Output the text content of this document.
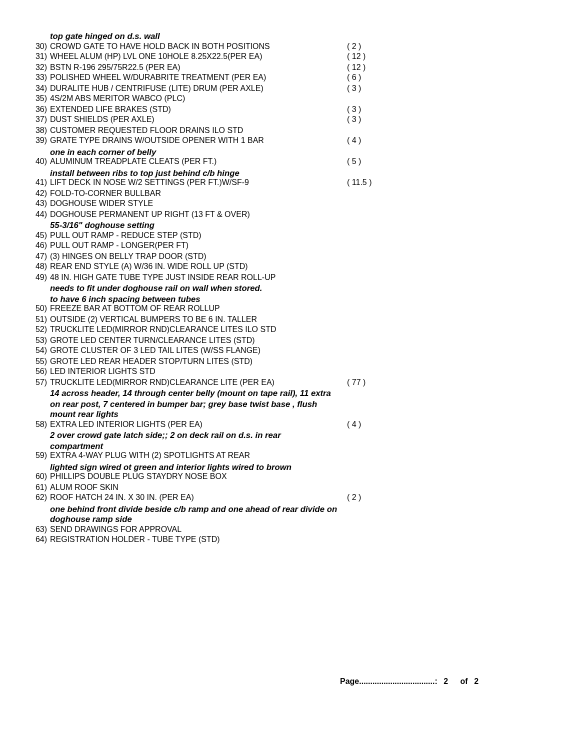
top gate hinged on d.s. wall
30) CROWD GATE TO HAVE HOLD BACK IN BOTH POSITIONS	( 2 )
31) WHEEL ALUM (HP) LVL ONE 10HOLE 8.25X22.5(PER EA)	( 12 )
32) BSTN R-196 295/75R22.5 (PER EA)	( 12 )
33) POLISHED WHEEL W/DURABRITE TREATMENT (PER EA)	( 6 )
34) DURALITE HUB / CENTRIFUSE (LITE) DRUM (PER AXLE)	( 3 )
35) 4S/2M ABS MERITOR WABCO (PLC)
36) EXTENDED LIFE BRAKES (STD)	( 3 )
37) DUST SHIELDS (PER AXLE)	( 3 )
38) CUSTOMER REQUESTED FLOOR DRAINS ILO STD
39) GRATE TYPE DRAINS W/OUTSIDE OPENER WITH 1 BAR	( 4 )
one in each corner of belly
40) ALUMINUM TREADPLATE CLEATS (PER FT.)	( 5 )
install between ribs to top just behind c/b hinge
41) LIFT DECK IN NOSE W/2 SETTINGS (PER FT.)W/SF-9	( 11.5 )
42) FOLD-TO-CORNER BULLBAR
43) DOGHOUSE WIDER STYLE
44) DOGHOUSE PERMANENT UP RIGHT (13 FT & OVER)
55-3/16" doghouse setting
45) PULL OUT RAMP - REDUCE STEP (STD)
46) PULL OUT RAMP - LONGER(PER FT)
47) (3) HINGES ON BELLY TRAP DOOR (STD)
48) REAR END STYLE (A) W/36 IN. WIDE ROLL UP (STD)
49) 48 IN. HIGH GATE TUBE TYPE JUST INSIDE REAR ROLL-UP
needs to fit under doghouse rail on wall when stored.
to have 6 inch spacing between tubes
50) FREEZE BAR AT BOTTOM OF REAR ROLLUP
51) OUTSIDE (2) VERTICAL BUMPERS TO BE 6 IN. TALLER
52) TRUCKLITE LED(MIRROR RND)CLEARANCE LITES ILO STD
53) GROTE LED CENTER TURN/CLEARANCE LITES (STD)
54) GROTE CLUSTER OF 3 LED TAIL LITES (W/SS FLANGE)
55) GROTE LED REAR HEADER STOP/TURN LITES (STD)
56) LED INTERIOR LIGHTS STD
57) TRUCKLITE LED(MIRROR RND)CLEARANCE LITE (PER EA)	( 77 )
14 across header, 14 through center belly (mount on tape rail), 11 extra
on rear post, 7 centered in bumper bar; grey base twist base , flush
mount rear lights
58) EXTRA LED INTERIOR LIGHTS (PER EA)	( 4 )
2 over crowd gate latch side;; 2 on deck rail on d.s. in rear
compartment
59) EXTRA 4-WAY PLUG WITH (2) SPOTLIGHTS AT REAR
lighted sign wired ot green and interior lights wired to brown
60) PHILLIPS DOUBLE PLUG STAYDRY NOSE BOX
61) ALUM ROOF SKIN
62) ROOF HATCH 24 IN. X 30 IN. (PER EA)	( 2 )
one behind front divide beside c/b ramp and one ahead of rear divide on
doghouse ramp side
63) SEND DRAWINGS FOR APPROVAL
64) REGISTRATION HOLDER - TUBE TYPE (STD)
Page..................................: 2 of 2
